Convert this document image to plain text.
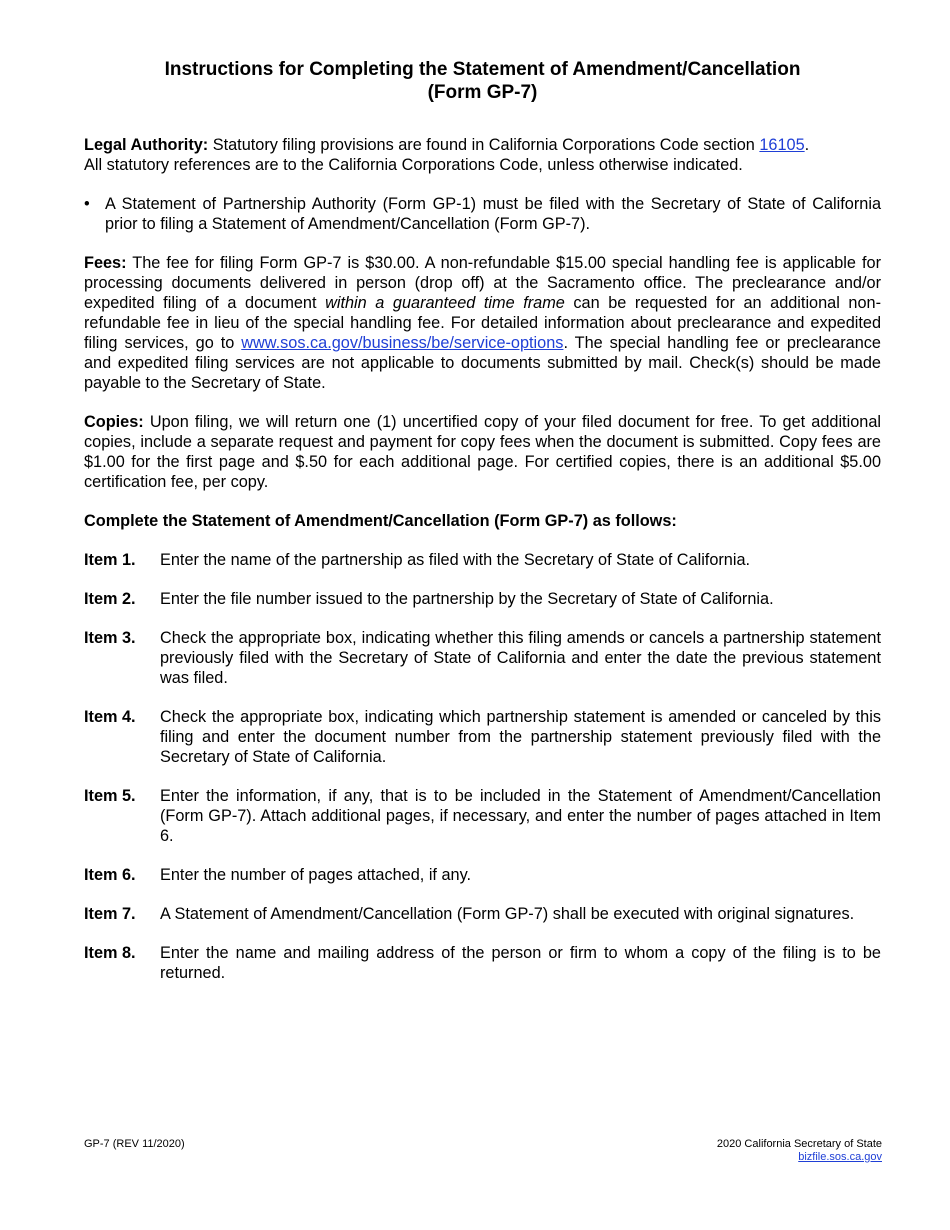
Instructions for Completing the Statement of Amendment/Cancellation
(Form GP-7)

Legal Authority: Statutory filing provisions are found in California Corporations Code section 16105.
All statutory references are to the California Corporations Code, unless otherwise indicated.

• A Statement of Partnership Authority (Form GP-1) must be filed with the Secretary of State of California prior to filing a Statement of Amendment/Cancellation (Form GP-7).

Fees: The fee for filing Form GP-7 is $30.00. A non-refundable $15.00 special handling fee is applicable for processing documents delivered in person (drop off) at the Sacramento office. The preclearance and/or expedited filing of a document within a guaranteed time frame can be requested for an additional non-refundable fee in lieu of the special handling fee. For detailed information about preclearance and expedited filing services, go to www.sos.ca.gov/business/be/service-options. The special handling fee or preclearance and expedited filing services are not applicable to documents submitted by mail. Check(s) should be made payable to the Secretary of State.

Copies: Upon filing, we will return one (1) uncertified copy of your filed document for free. To get additional copies, include a separate request and payment for copy fees when the document is submitted. Copy fees are $1.00 for the first page and $.50 for each additional page. For certified copies, there is an additional $5.00 certification fee, per copy.

Complete the Statement of Amendment/Cancellation (Form GP-7) as follows:
Item 1.	Enter the name of the partnership as filed with the Secretary of State of California.
Item 2.	Enter the file number issued to the partnership by the Secretary of State of California.
Item 3.	Check the appropriate box, indicating whether this filing amends or cancels a partnership statement previously filed with the Secretary of State of California and enter the date the previous statement was filed.
Item 4.	Check the appropriate box, indicating which partnership statement is amended or canceled by this filing and enter the document number from the partnership statement previously filed with the Secretary of State of California.
Item 5.	Enter the information, if any, that is to be included in the Statement of Amendment/Cancellation (Form GP-7). Attach additional pages, if necessary, and enter the number of pages attached in Item 6.
Item 6.	Enter the number of pages attached, if any.
Item 7.	A Statement of Amendment/Cancellation (Form GP-7) shall be executed with original signatures.
Item 8.	Enter the name and mailing address of the person or firm to whom a copy of the filing is to be returned.
GP-7 (REV 11/2020)	2020 California Secretary of State
bizfile.sos.ca.gov
